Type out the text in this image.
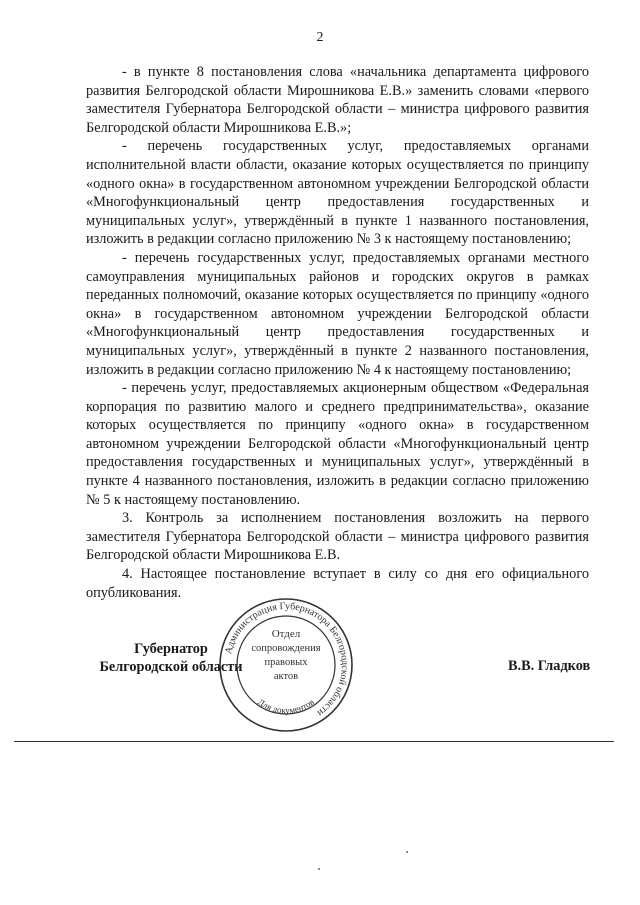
2

- в пункте 8 постановления слова «начальника департамента цифрового развития Белгородской области Мирошникова Е.В.» заменить словами «первого заместителя Губернатора Белгородской области – министра цифрового развития Белгородской области Мирошникова Е.В.»;

- перечень государственных услуг, предоставляемых органами исполнительной власти области, оказание которых осуществляется по принципу «одного окна» в государственном автономном учреждении Белгородской области «Многофункциональный центр предоставления государственных и муниципальных услуг», утверждённый в пункте 1 названного постановления, изложить в редакции согласно приложению № 3 к настоящему постановлению;

- перечень государственных услуг, предоставляемых органами местного самоуправления муниципальных районов и городских округов в рамках переданных полномочий, оказание которых осуществляется по принципу «одного окна» в государственном автономном учреждении Белгородской области «Многофункциональный центр предоставления государственных и муниципальных услуг», утверждённый в пункте 2 названного постановления, изложить в редакции согласно приложению № 4 к настоящему постановлению;

- перечень услуг, предоставляемых акционерным обществом «Федеральная корпорация по развитию малого и среднего предпринимательства», оказание которых осуществляется по принципу «одного окна» в государственном автономном учреждении Белгородской области «Многофункциональный центр предоставления государственных и муниципальных услуг», утверждённый в пункте 4 названного постановления, изложить в редакции согласно приложению № 5 к настоящему постановлению.

3. Контроль за исполнением постановления возложить на первого заместителя Губернатора Белгородской области – министра цифрового развития Белгородской области Мирошникова Е.В.

4. Настоящее постановление вступает в силу со дня его официального опубликования.

Губернатор
Белгородской области
Администрация Губернатора Белгородской области
Отдел
сопровождения
правовых
актов
Для документов
В.В. Гладков
